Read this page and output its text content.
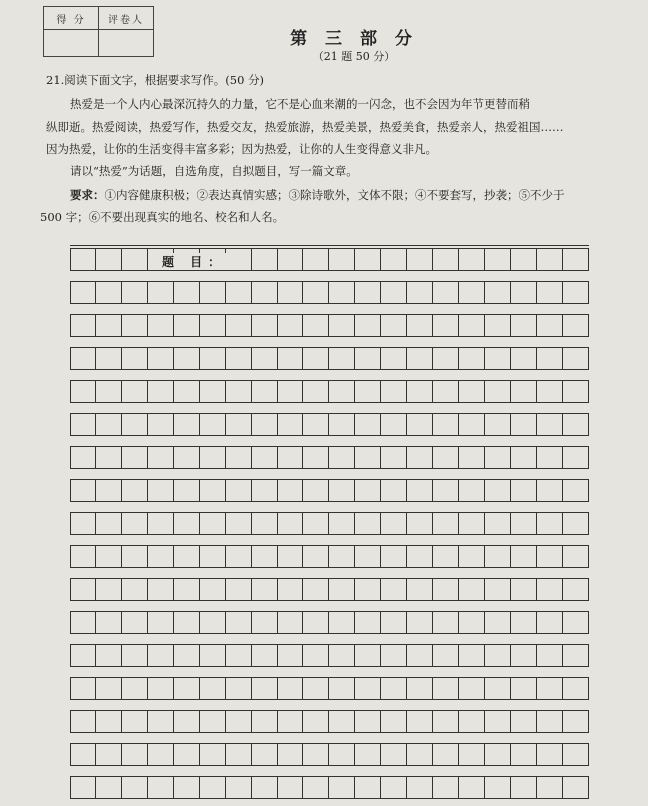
得 分	评卷人

第 三 部 分
（21 题 50 分）
21.阅读下面文字，根据要求写作。(50 分)
热爱是一个人内心最深沉持久的力量，它不是心血来潮的一闪念，也不会因为年节更替而稍
纵即逝。热爱阅读，热爱写作，热爱交友，热爱旅游，热爱美景，热爱美食，热爱亲人，热爱祖国……
因为热爱，让你的生活变得丰富多彩；因为热爱，让你的人生变得意义非凡。
请以“热爱”为话题，自选角度，自拟题目，写一篇文章。
要求：①内容健康积极；②表达真情实感；③除诗歌外，文体不限；④不要套写，抄袭；⑤不少于
500 字；⑥不要出现真实的地名、校名和人名。
题 目：
